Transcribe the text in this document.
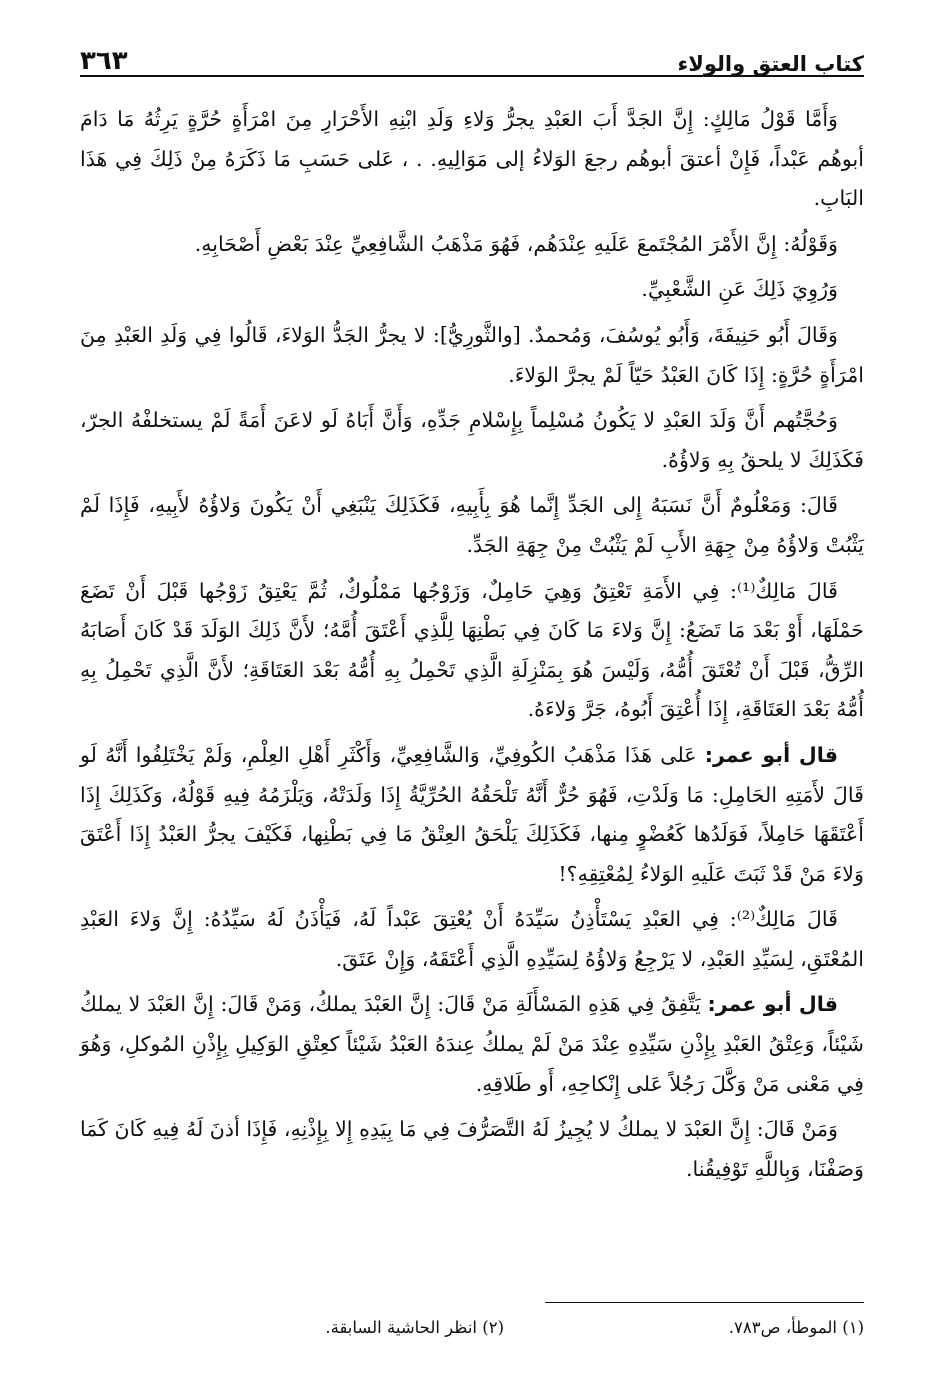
كتاب العتق والولاء
٣٦٣

وَأَمَّا قَوْلُ مَالِكٍ: إِنَّ الجَدَّ أَبَ العَبْدِ يجرُّ وَلاءِ وَلَدِ ابْنِهِ الأَحْرَارِ مِنَ امْرَأَةٍ حُرَّةٍ يَرِثُهُ مَا دَامَ أبوهُم عَبْداً، فَإِنْ أعتقَ أبوهُم رجعَ الوَلاءُ إلى مَوَالِيهِ. . ، عَلى حَسَبِ مَا ذَكَرَهُ مِنْ ذَلِكَ فِي هَذَا البَابِ.

وَقَوْلُهُ: إِنَّ الأَمْرَ المُجْتَمعَ عَلَيهِ عِنْدَهُم، فَهُوَ مَذْهَبُ الشَّافِعِيِّ عِنْدَ بَعْضِ أَصْحَابِهِ.

وَرُوِيَ ذَلِكَ عَنِ الشَّعْبِيِّ.

وَقَالَ أَبُو حَنِيفَةَ، وَأَبُو يُوسُفَ، وَمُحمدٌ. [والثَّورِيُّ]: لا يجرُّ الجَدُّ الوَلاءَ، قَالُوا فِي وَلَدِ العَبْدِ مِنَ امْرَأَةٍ حُرَّةٍ: إِذَا كَانَ العَبْدُ حَيّاً لَمْ يجرَّ الوَلاءَ.

وَحُجَّتُهم أَنَّ وَلَدَ العَبْدِ لا يَكُونُ مُسْلِماً بِإِسْلامِ جَدِّهِ، وَأَنَّ أَبَاهُ لَو لاعَنَ أَمَةً لَمْ يستخلفْهُ الجرّ، فَكَذَلِكَ لا يلحقُ بِهِ وَلاؤُهُ.

قَالَ: وَمَعْلُومٌ أَنَّ نَسَبَهُ إِلى الجَدِّ إِنَّما هُوَ بِأَبِيهِ، فَكَذَلِكَ يَنْبَغِي أَنْ يَكُونَ وَلاؤُهُ لأَبِيهِ، فَإِذَا لَمْ يَثْبُتْ وَلاؤُهُ مِنْ جِهَةِ الأَبِ لَمْ يَثْبُتْ مِنْ جِهَةِ الجَدِّ.

قَالَ مَالِكٌ⁽¹⁾: فِي الأَمَةِ تَعْتِقُ وَهِيَ حَامِلٌ، وَزَوْجُها مَمْلُوكٌ، ثُمَّ يَعْتِقُ زَوْجُها قَبْلَ أَنْ تَضَعَ حَمْلَهَا، أَوْ بَعْدَ مَا تَضَعُ: إِنَّ وَلاءَ مَا كَانَ فِي بَطْنِهَا لِلَّذِي أَعْتَقَ أُمَّهُ؛ لأَنَّ ذَلِكَ الوَلَدَ قَدْ كَانَ أَصَابَهُ الرِّقُّ، قَبْلَ أَنْ تُعْتَقَ أُمُّهُ، وَلَيْسَ هُوَ بِمَنْزِلَةِ الَّذِي تَحْمِلُ بِهِ أُمُّهُ بَعْدَ العَتَاقَةِ؛ لأَنَّ الَّذِي تَحْمِلُ بِهِ أُمُّهُ بَعْدَ العَتَاقَةِ، إِذَا أُعْتِقَ أَبُوهُ، جَرَّ وَلاءَهُ.

قال أبو عمر: عَلى هَذَا مَذْهَبُ الكُوفِيِّ، وَالشَّافِعِيِّ، وَأَكْثَرِ أَهْلِ العِلْمِ، وَلَمْ يَخْتَلِفُوا أَنَّهُ لَو قَالَ لأَمَتِهِ الحَامِلِ: مَا وَلَدْتِ، فَهُوَ حُرٌّ أَنَّهُ تَلْحَقُهُ الحُرِّيَّةُ إِذَا وَلَدَتْهُ، وَيَلْزَمُهُ فِيهِ قَوْلُهُ، وَكَذَلِكَ إِذَا أَعْتَقَهَا حَامِلاً، فَوَلَدُها كَعُضْوٍ مِنها، فَكَذَلِكَ يَلْحَقُ العِتْقُ مَا فِي بَطْنِها، فَكَيْفَ يجرُّ العَبْدُ إِذَا أَعْتَقَ وَلاءَ مَنْ قَدْ ثَبَتَ عَلَيهِ الوَلاءُ لِمُعْتِقِهِ؟!

قَالَ مَالِكٌ⁽²⁾: فِي العَبْدِ يَسْتَأْذِنُ سَيِّدَهُ أَنْ يُعْتِقَ عَبْداً لَهُ، فَيَأْذَنُ لَهُ سَيِّدُهُ: إِنَّ وَلاءَ العَبْدِ المُعْتَقِ، لِسَيِّدِ العَبْدِ، لا يَرْجِعُ وَلاؤُهُ لِسَيِّدِهِ الَّذِي أَعْتَقَهُ، وَإِنْ عَتَقَ.

قال أبو عمر: يَتَّفِقُ فِي هَذِهِ المَسْأَلَةِ مَنْ قَالَ: إِنَّ العَبْدَ يملكُ، وَمَنْ قَالَ: إِنَّ العَبْدَ لا يملكُ شَيْئاً، وَعِتْقُ العَبْدِ بِإِذْنِ سَيِّدِهِ عِنْدَ مَنْ لَمْ يملكُ عِندَهُ العَبْدُ شَيْئاً كعِتْقِ الوَكِيلِ بِإِذْنِ المُوكلِ، وَهُوَ فِي مَعْنى مَنْ وَكَّلَ رَجُلاً عَلى إِنْكاحِهِ، أَو طَلاقِهِ.

وَمَنْ قَالَ: إِنَّ العَبْدَ لا يملكُ لا يُجِيزُ لَهُ التَّصَرُّفَ فِي مَا بِيَدِهِ إِلا بِإِذْنِهِ، فَإِذَا أذنَ لَهُ فِيهِ كَانَ كَمَا وَصَفْنَا، وَبِاللَّهِ تَوْفِيقُنا.

(١) الموطأ، ص٧٨٣.
(٢) انظر الحاشية السابقة.
